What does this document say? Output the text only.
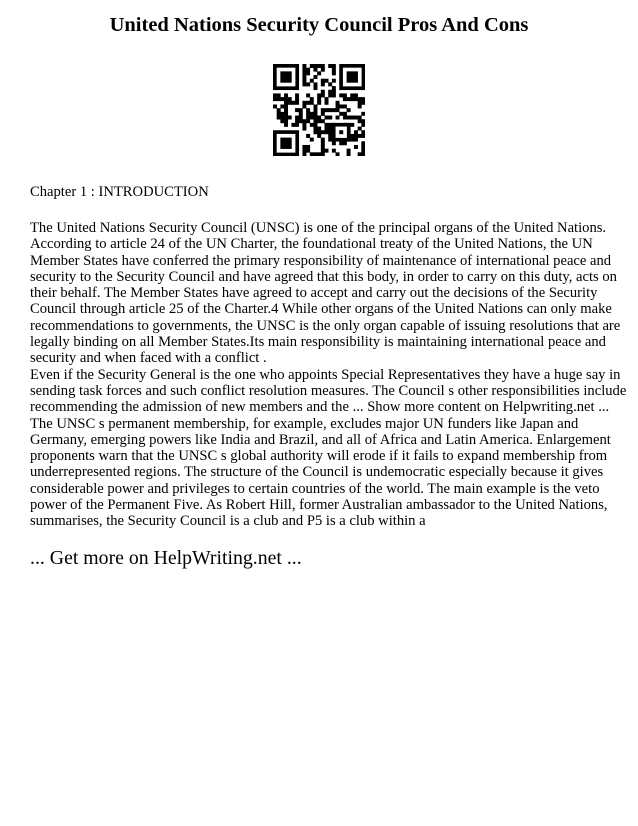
United Nations Security Council Pros And Cons

Chapter 1 : INTRODUCTION

The United Nations Security Council (UNSC) is one of the principal organs of the United Nations.
According to article 24 of the UN Charter, the foundational treaty of the United Nations, the UN
Member States have conferred the primary responsibility of maintenance of international peace and
security to the Security Council and have agreed that this body, in order to carry on this duty, acts on
their behalf. The Member States have agreed to accept and carry out the decisions of the Security
Council through article 25 of the Charter.4 While other organs of the United Nations can only make
recommendations to governments, the UNSC is the only organ capable of issuing resolutions that are
legally binding on all Member States.Its main responsibility is maintaining international peace and
security and when faced with a conflict .
Even if the Security General is the one who appoints Special Representatives they have a huge say in
sending task forces and such conflict resolution measures. The Council s other responsibilities include
recommending the admission of new members and the ... Show more content on Helpwriting.net ...
The UNSC s permanent membership, for example, excludes major UN funders like Japan and
Germany, emerging powers like India and Brazil, and all of Africa and Latin America. Enlargement
proponents warn that the UNSC s global authority will erode if it fails to expand membership from
underrepresented regions. The structure of the Council is undemocratic especially because it gives
considerable power and privileges to certain countries of the world. The main example is the veto
power of the Permanent Five. As Robert Hill, former Australian ambassador to the United Nations,
summarises, the Security Council is a club and P5 is a club within a

... Get more on HelpWriting.net ...
